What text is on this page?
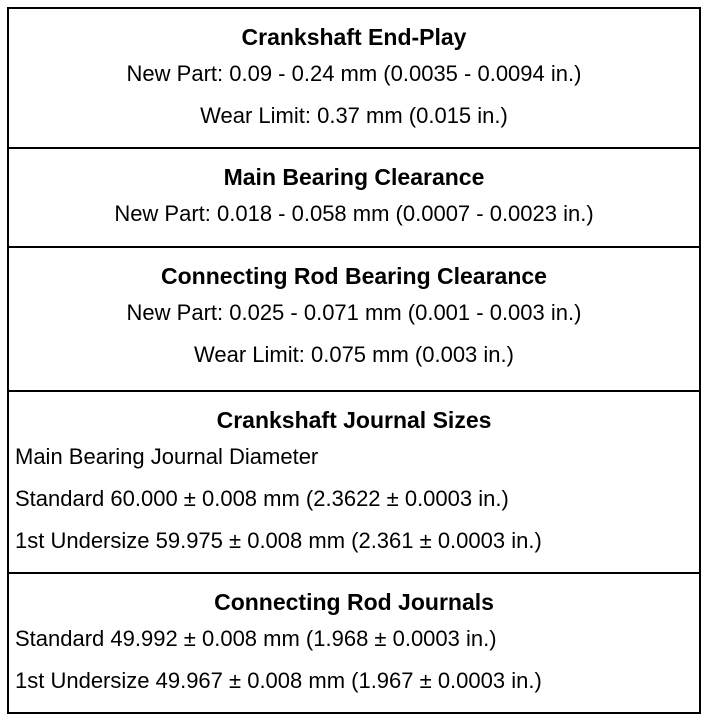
Crankshaft End-Play
New Part: 0.09 - 0.24 mm (0.0035 - 0.0094 in.)
Wear Limit: 0.37 mm (0.015 in.)
Main Bearing Clearance
New Part: 0.018 - 0.058 mm (0.0007 - 0.0023 in.)
Connecting Rod Bearing Clearance
New Part: 0.025 - 0.071 mm (0.001 - 0.003 in.)
Wear Limit: 0.075 mm (0.003 in.)
Crankshaft Journal Sizes
Main Bearing Journal Diameter
Standard 60.000 ± 0.008 mm (2.3622 ± 0.0003 in.)
1st Undersize 59.975 ± 0.008 mm (2.361 ± 0.0003 in.)
Connecting Rod Journals
Standard 49.992 ± 0.008 mm (1.968 ± 0.0003 in.)
1st Undersize 49.967 ± 0.008 mm (1.967 ± 0.0003 in.)
